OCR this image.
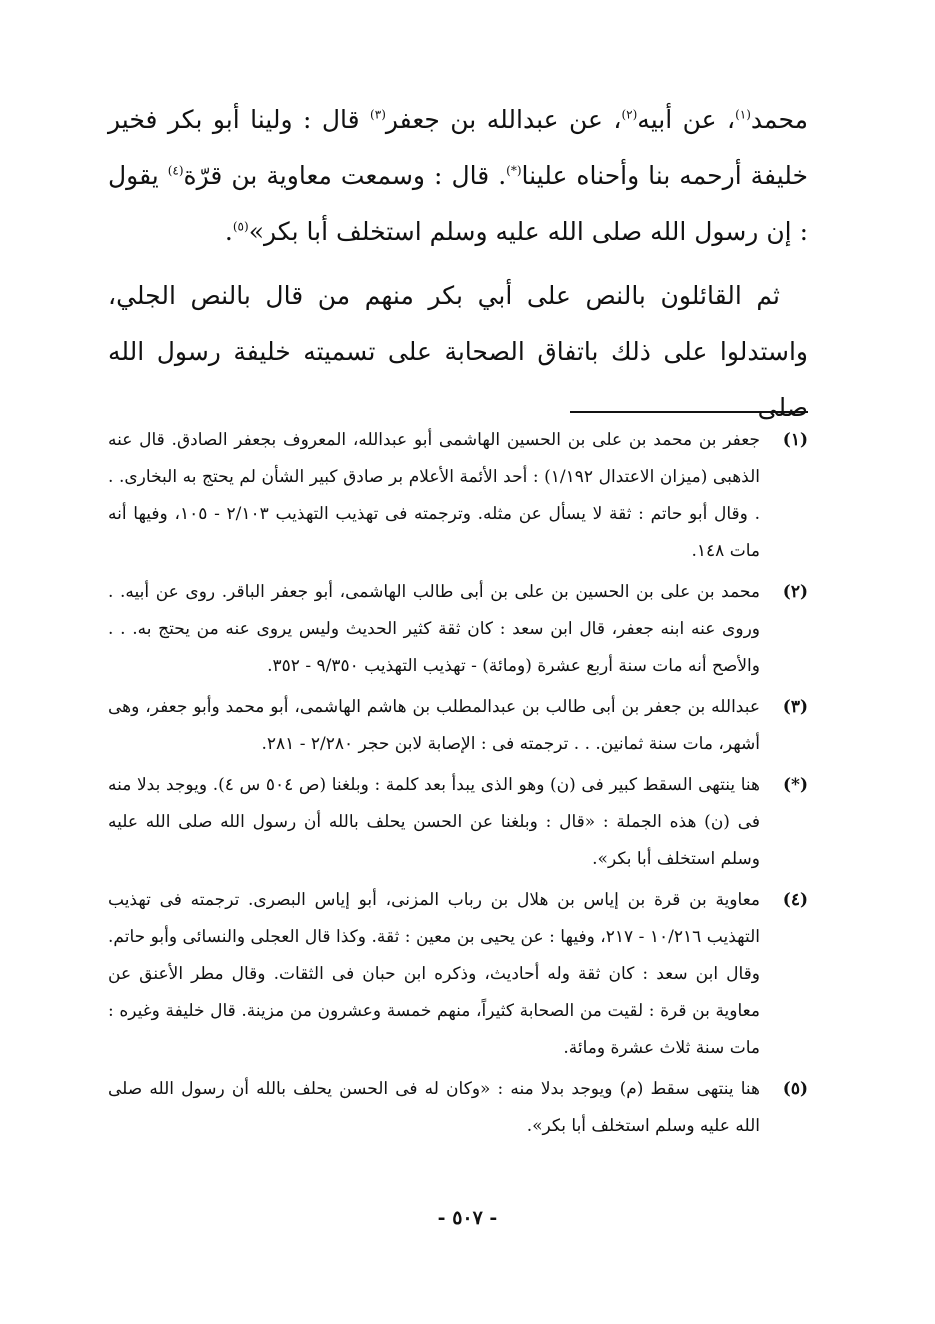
محمد$^{(١)}$، عن أبيه$^{(٢)}$، عن عبدالله بن جعفر$^{(٣)}$ قال : ولينا أبو بكر فخير خليفة أرحمه بنا وأحناه علينا(*). قال : وسمعت معاوية بن قرّة$^{(٤)}$ يقول : إن رسول الله صلى الله عليه وسلم استخلف أبا بكر»$^{(٥)}$.

ثم القائلون بالنص على أبي بكر منهم من قال بالنص الجلي، واستدلوا على ذلك باتفاق الصحابة على تسميته خليفة رسول الله صلى

(١)
جعفر بن محمد بن على بن الحسين الهاشمى أبو عبدالله، المعروف بجعفر الصادق. قال عنه الذهبى (ميزان الاعتدال ١/١٩٢) : أحد الأئمة الأعلام بر صادق كبير الشأن لم يحتج به البخارى. . . وقال أبو حاتم : ثقة لا يسأل عن مثله. وترجمته فى تهذيب التهذيب ٢/١٠٣ - ١٠٥، وفيها أنه مات ١٤٨.
(٢)
محمد بن على بن الحسين بن على بن أبى طالب الهاشمى، أبو جعفر الباقر. روى عن أبيه. . وروى عنه ابنه جعفر، قال ابن سعد : كان ثقة كثير الحديث وليس يروى عنه من يحتج به. . . والأصح أنه مات سنة أربع عشرة (ومائة) - تهذيب التهذيب ٩/٣٥٠ - ٣٥٢.
(٣)
عبدالله بن جعفر بن أبى طالب بن عبدالمطلب بن هاشم الهاشمى، أبو محمد وأبو جعفر، وهى أشهر، مات سنة ثمانين. . . ترجمته فى : الإصابة لابن حجر ٢/٢٨٠ - ٢٨١.
(*)
هنا ينتهى السقط كبير فى (ن) وهو الذى يبدأ بعد كلمة : وبلغنا (ص ٥٠٤ س ٤). ويوجد بدلا منه فى (ن) هذه الجملة : «قال : وبلغنا عن الحسن يحلف بالله أن رسول الله صلى الله عليه وسلم استخلف أبا بكر».
(٤)
معاوية بن قرة بن إياس بن هلال بن رباب المزنى، أبو إياس البصرى. ترجمته فى تهذيب التهذيب ١٠/٢١٦ - ٢١٧، وفيها : عن يحيى بن معين : ثقة. وكذا قال العجلى والنسائى وأبو حاتم. وقال ابن سعد : كان ثقة وله أحاديث، وذكره ابن حبان فى الثقات. وقال مطر الأعنق عن معاوية بن قرة : لقيت من الصحابة كثيراً، منهم خمسة وعشرون من مزينة. قال خليفة وغيره : مات سنة ثلاث عشرة ومائة.
(٥)
هنا ينتهى سقط (م) ويوجد بدلا منه : «وكان له فى الحسن يحلف بالله أن رسول الله صلى الله عليه وسلم استخلف أبا بكر».
- ٥٠٧ -
